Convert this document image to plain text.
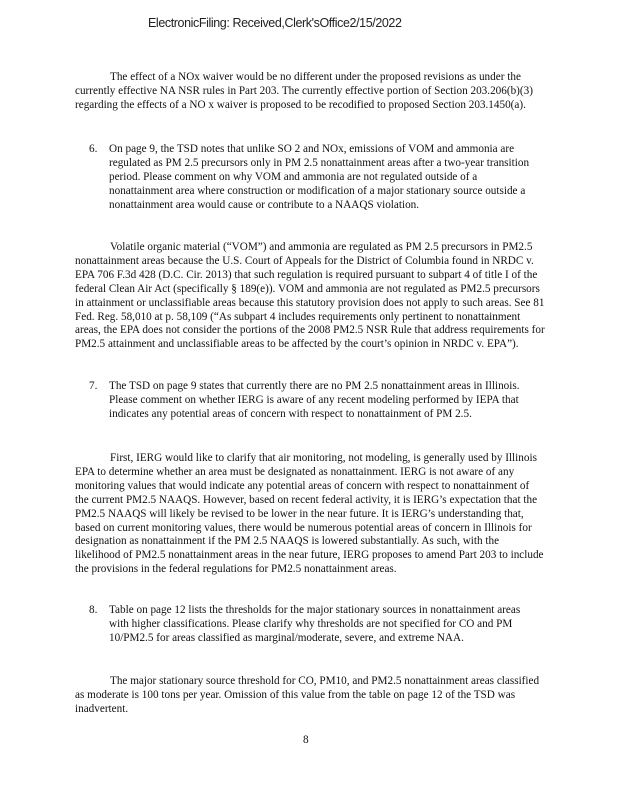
ElectronicFiling: Received,Clerk'sOffice2/15/2022

The effect of a NOx waiver would be no different under the proposed revisions as under the currently effective NA NSR rules in Part 203. The currently effective portion of Section 203.206(b)(3) regarding the effects of a NO x waiver is proposed to be recodified to proposed Section 203.1450(a).

6. On page 9, the TSD notes that unlike SO 2 and NOx, emissions of VOM and ammonia are regulated as PM 2.5 precursors only in PM 2.5 nonattainment areas after a two-year transition period. Please comment on why VOM and ammonia are not regulated outside of a nonattainment area where construction or modification of a major stationary source outside a nonattainment area would cause or contribute to a NAAQS violation.

Volatile organic material (“VOM”) and ammonia are regulated as PM 2.5 precursors in PM2.5 nonattainment areas because the U.S. Court of Appeals for the District of Columbia found in NRDC v. EPA 706 F.3d 428 (D.C. Cir. 2013) that such regulation is required pursuant to subpart 4 of title I of the federal Clean Air Act (specifically § 189(e)). VOM and ammonia are not regulated as PM2.5 precursors in attainment or unclassifiable areas because this statutory provision does not apply to such areas. See 81 Fed. Reg. 58,010 at p. 58,109 (“As subpart 4 includes requirements only pertinent to nonattainment areas, the EPA does not consider the portions of the 2008 PM2.5 NSR Rule that address requirements for PM2.5 attainment and unclassifiable areas to be affected by the court’s opinion in NRDC v. EPA”).

7. The TSD on page 9 states that currently there are no PM 2.5 nonattainment areas in Illinois. Please comment on whether IERG is aware of any recent modeling performed by IEPA that indicates any potential areas of concern with respect to nonattainment of PM 2.5.

First, IERG would like to clarify that air monitoring, not modeling, is generally used by Illinois EPA to determine whether an area must be designated as nonattainment. IERG is not aware of any monitoring values that would indicate any potential areas of concern with respect to nonattainment of the current PM2.5 NAAQS. However, based on recent federal activity, it is IERG’s expectation that the PM2.5 NAAQS will likely be revised to be lower in the near future. It is IERG’s understanding that, based on current monitoring values, there would be numerous potential areas of concern in Illinois for designation as nonattainment if the PM 2.5 NAAQS is lowered substantially. As such, with the likelihood of PM2.5 nonattainment areas in the near future, IERG proposes to amend Part 203 to include the provisions in the federal regulations for PM2.5 nonattainment areas.

8. Table on page 12 lists the thresholds for the major stationary sources in nonattainment areas with higher classifications. Please clarify why thresholds are not specified for CO and PM 10/PM2.5 for areas classified as marginal/moderate, severe, and extreme NAA.

The major stationary source threshold for CO, PM10, and PM2.5 nonattainment areas classified as moderate is 100 tons per year. Omission of this value from the table on page 12 of the TSD was inadvertent.

8
